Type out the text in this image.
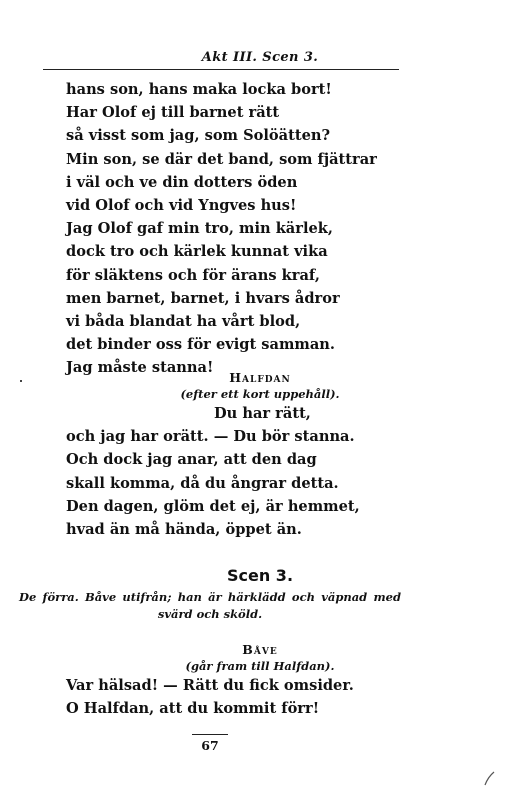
Akt III. Scen 3.
hans son, hans maka locka bort!
Har Olof ej till barnet rätt
så visst som jag, som Solöätten?
Min son, se där det band, som fjättrar
i väl och ve din dotters öden
vid Olof och vid Yngves hus!
Jag Olof gaf min tro, min kärlek,
dock tro och kärlek kunnat vika
för släktens och för ärans kraf,
men barnet, barnet, i hvars ådror
vi båda blandat ha vårt blod,
det binder oss för evigt samman.
Jag måste stanna!
Halfdan
(efter ett kort uppehåll).
Du har rätt,
och jag har orätt. — Du bör stanna.
Och dock jag anar, att den dag
skall komma, då du ångrar detta.
Den dagen, glöm det ej, är hemmet,
hvad än må hända, öppet än.
Scen 3.
De förra. Båve utifrån; han är härklädd och väpnad med
svärd och sköld.
Båve
(går fram till Halfdan).
Var hälsad! — Rätt du fick omsider.
O Halfdan, att du kommit förr!
67
